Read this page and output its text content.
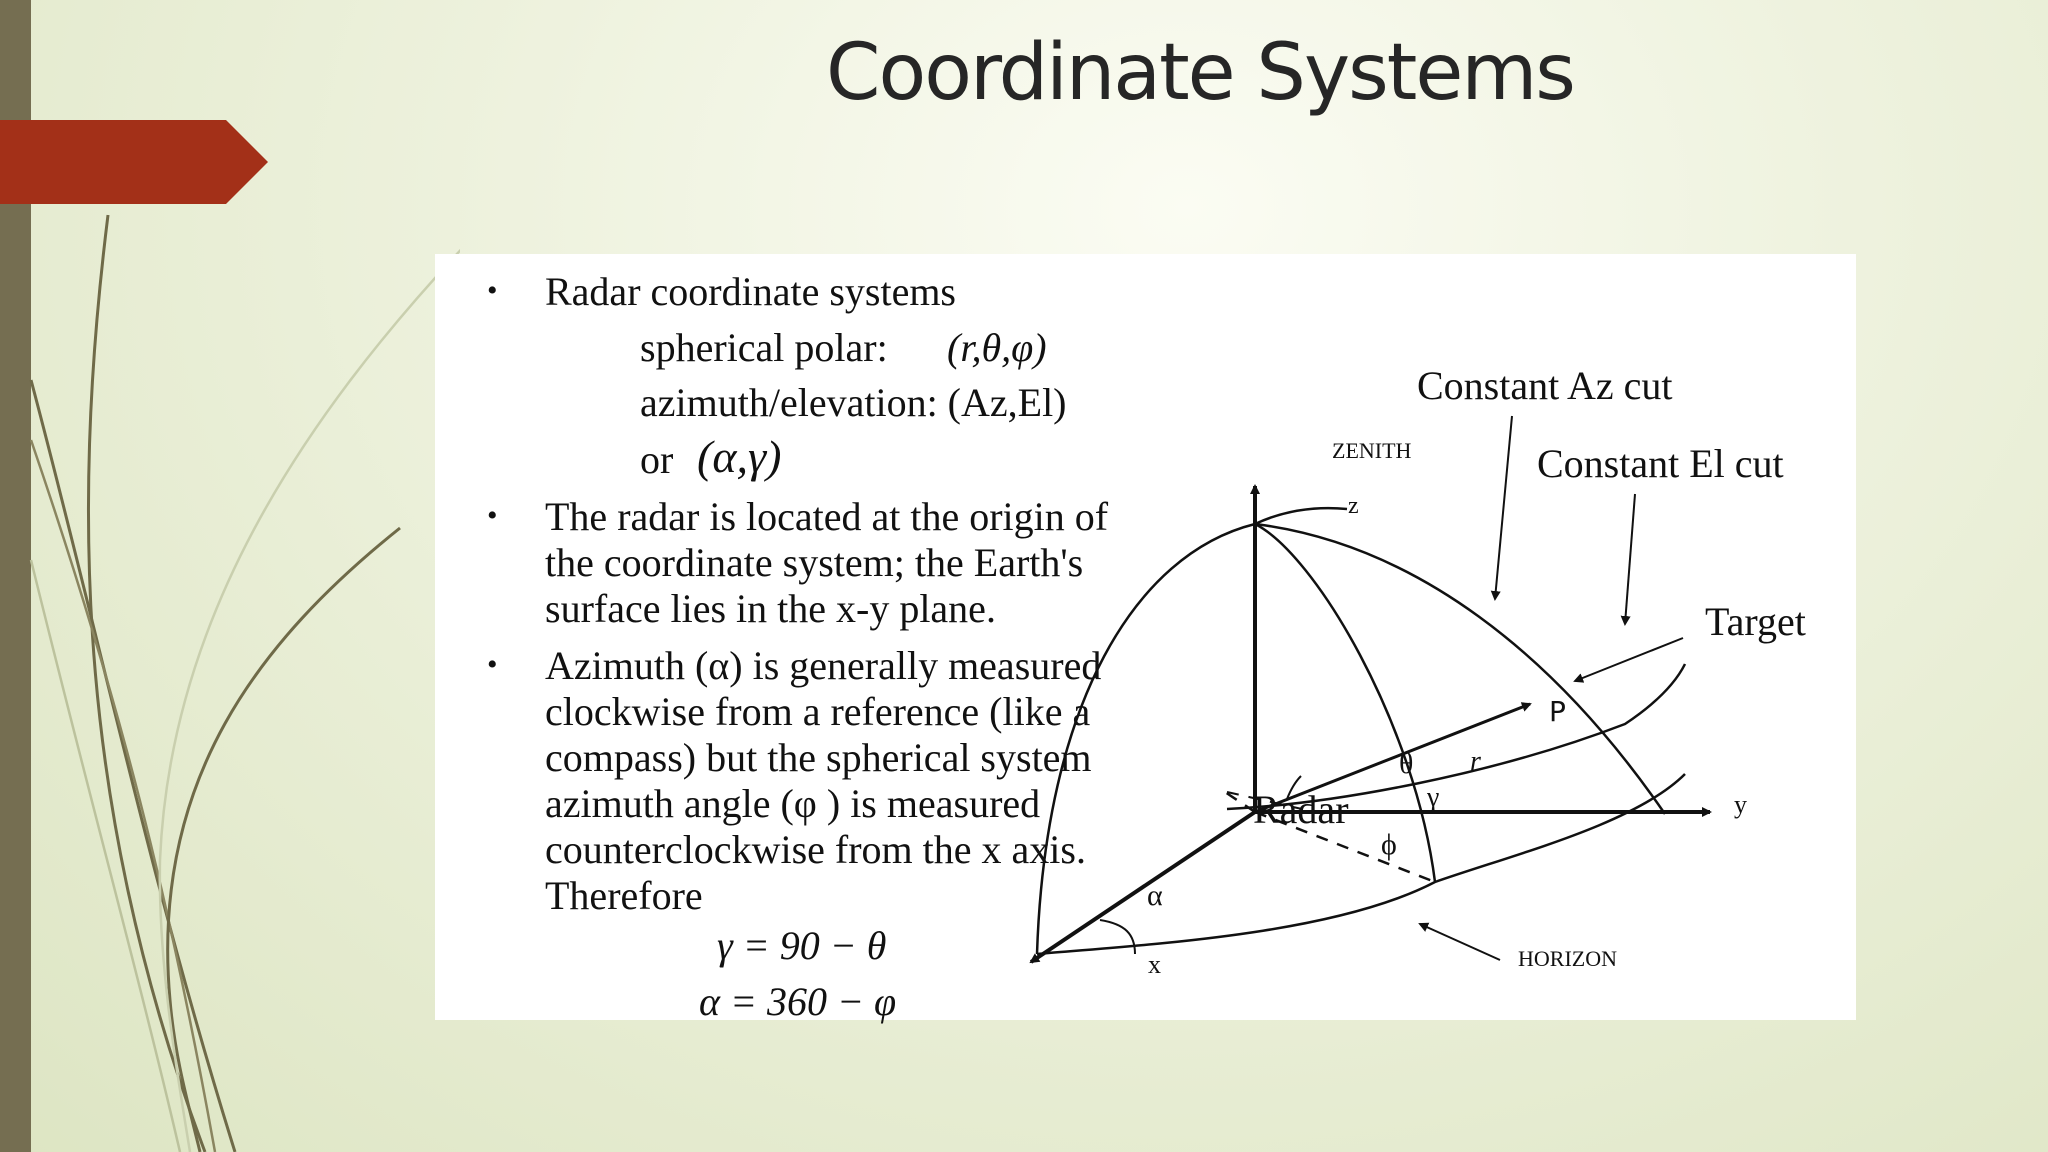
Coordinate Systems
• Radar coordinate systems
spherical polar: (r,θ,φ)
azimuth/elevation: (Az,El)
or (α,γ)
• The radar is located at the origin of
the coordinate system; the Earth's
surface lies in the x-y plane.
• Azimuth (α) is generally measured
clockwise from a reference (like a
compass) but the spherical system
azimuth angle (φ ) is measured
counterclockwise from the x axis.
Therefore
γ = 90 − θ
α = 360 − φ
Constant Az cut
Constant El cut
Target
ZENITH
HORIZON
Radar
z
y
x
P
θ r
γ
ϕ
α
